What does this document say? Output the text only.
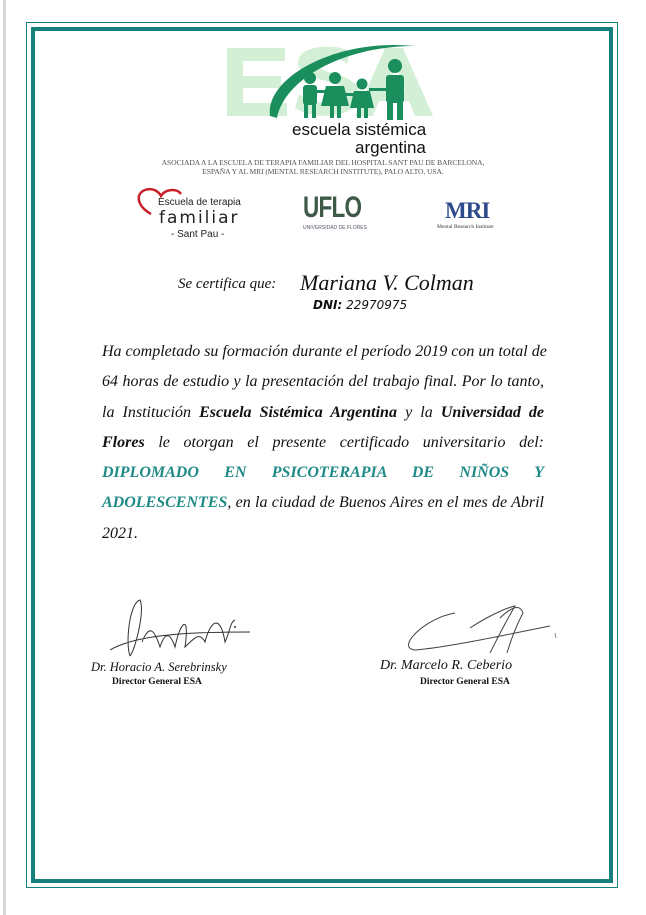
escuela sistémica
argentina
ASOCIADA A LA ESCUELA DE TERAPIA FAMILIAR DEL HOSPITAL SANT PAU DE BARCELONA,
ESPAÑA Y AL MRI (MENTAL RESEARCH INSTITUTE), PALO ALTO, USA.
Escuela de terapia
familiar
- Sant Pau -
UFLO
UNIVERSIDAD DE FLORES
MRI
Mental Research Institute
Se certifica que: Mariana V. Colman
DNI: 22970975
Ha completado su formación durante el período 2019 con un total de
64 horas de estudio y la presentación del trabajo final. Por lo tanto,
la Institución Escuela Sistémica Argentina y la Universidad de
Flores le otorgan el presente certificado universitario del:
DIPLOMADO EN PSICOTERAPIA DE NIÑOS Y
ADOLESCENTES, en la ciudad de Buenos Aires en el mes de Abril
2021.
Dr. Horacio A. Serebrinsky
Director General ESA
Dr. Marcelo R. Ceberio
Director General ESA
